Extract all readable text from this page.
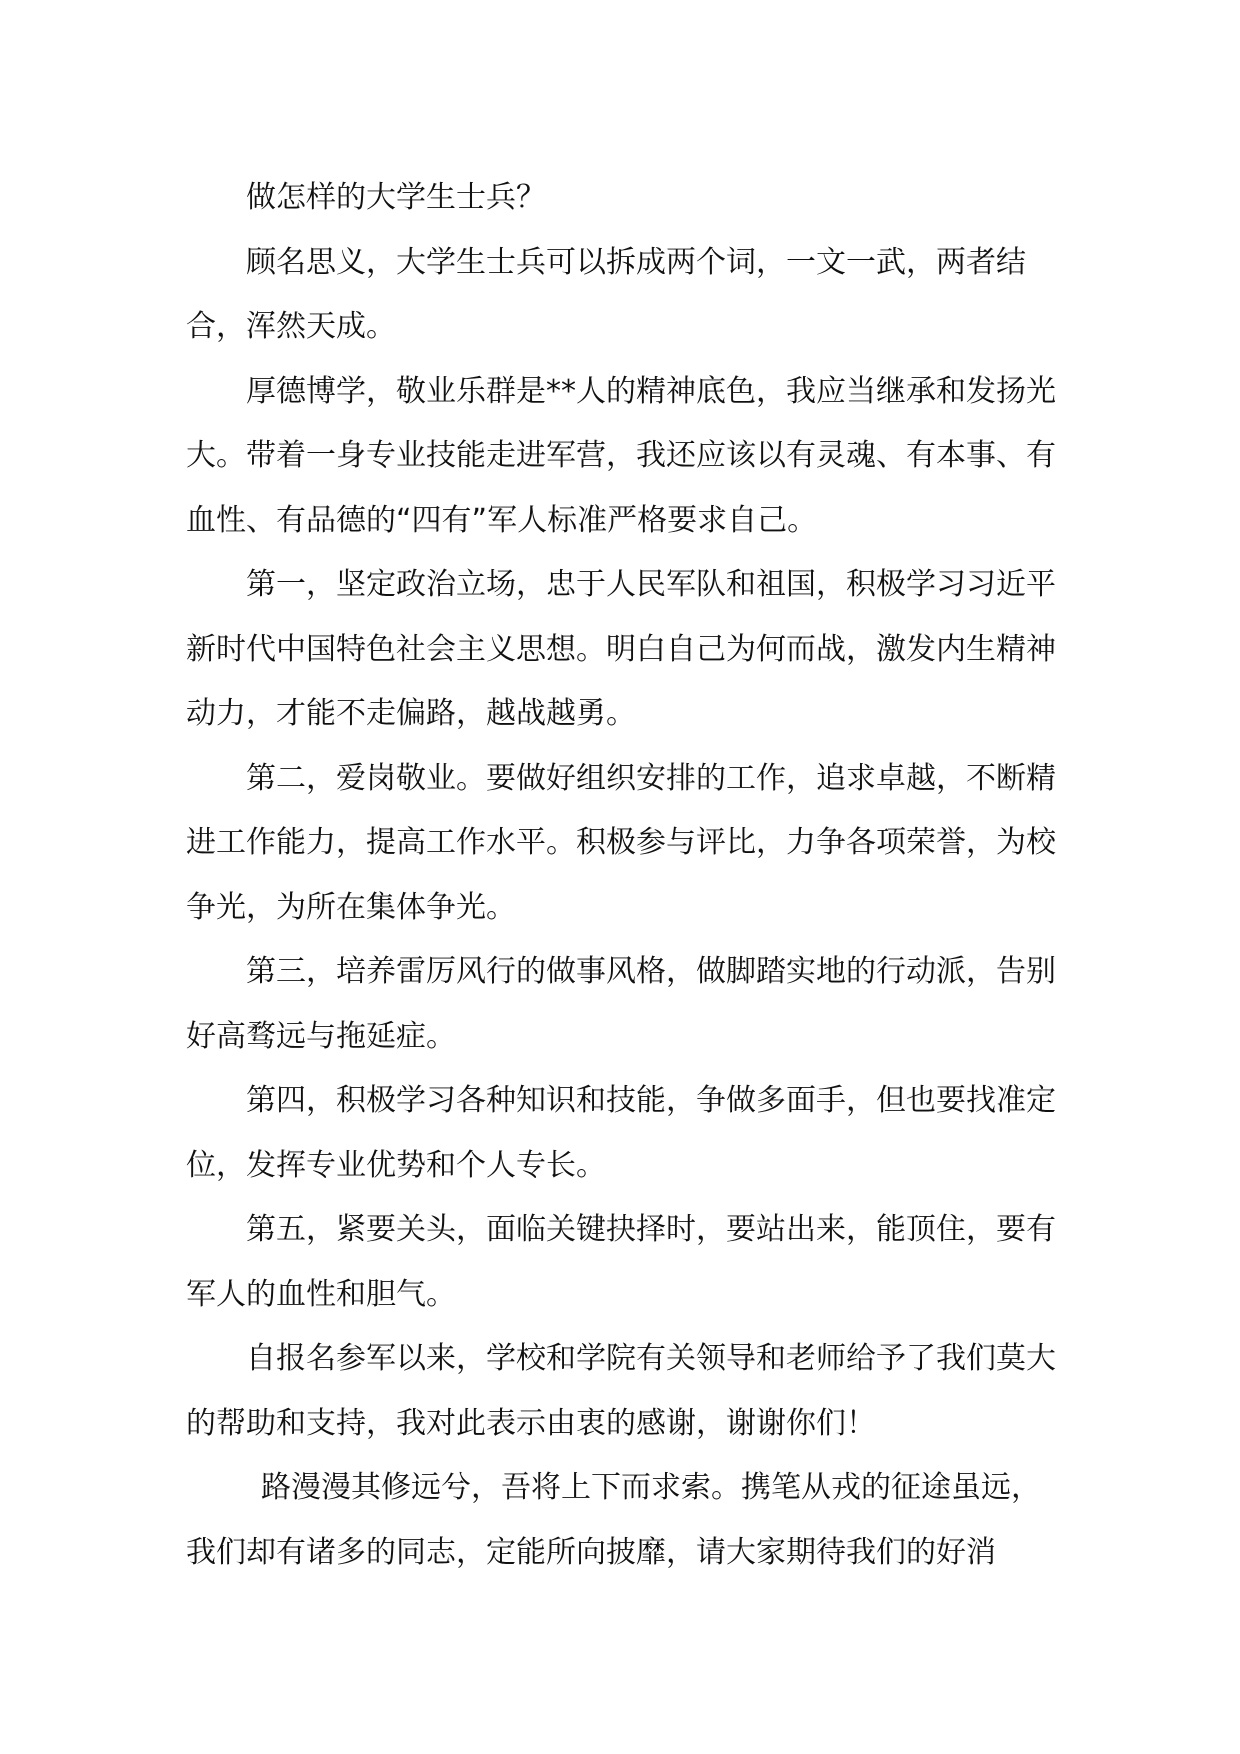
做怎样的大学生士兵？

顾名思义，大学生士兵可以拆成两个词，一文一武，两者结合，浑然天成。

厚德博学，敬业乐群是**人的精神底色，我应当继承和发扬光大。带着一身专业技能走进军营，我还应该以有灵魂、有本事、有血性、有品德的“四有”军人标准严格要求自己。

第一，坚定政治立场，忠于人民军队和祖国，积极学习习近平新时代中国特色社会主义思想。明白自己为何而战，激发内生精神动力，才能不走偏路，越战越勇。

第二，爱岗敬业。要做好组织安排的工作，追求卓越，不断精进工作能力，提高工作水平。积极参与评比，力争各项荣誉，为校争光，为所在集体争光。

第三，培养雷厉风行的做事风格，做脚踏实地的行动派，告别好高骛远与拖延症。

第四，积极学习各种知识和技能，争做多面手，但也要找准定位，发挥专业优势和个人专长。

第五，紧要关头，面临关键抉择时，要站出来，能顶住，要有军人的血性和胆气。

自报名参军以来，学校和学院有关领导和老师给予了我们莫大的帮助和支持，我对此表示由衷的感谢，谢谢你们！

路漫漫其修远兮，吾将上下而求索。携笔从戎的征途虽远，我们却有诸多的同志，定能所向披靡，请大家期待我们的好消
